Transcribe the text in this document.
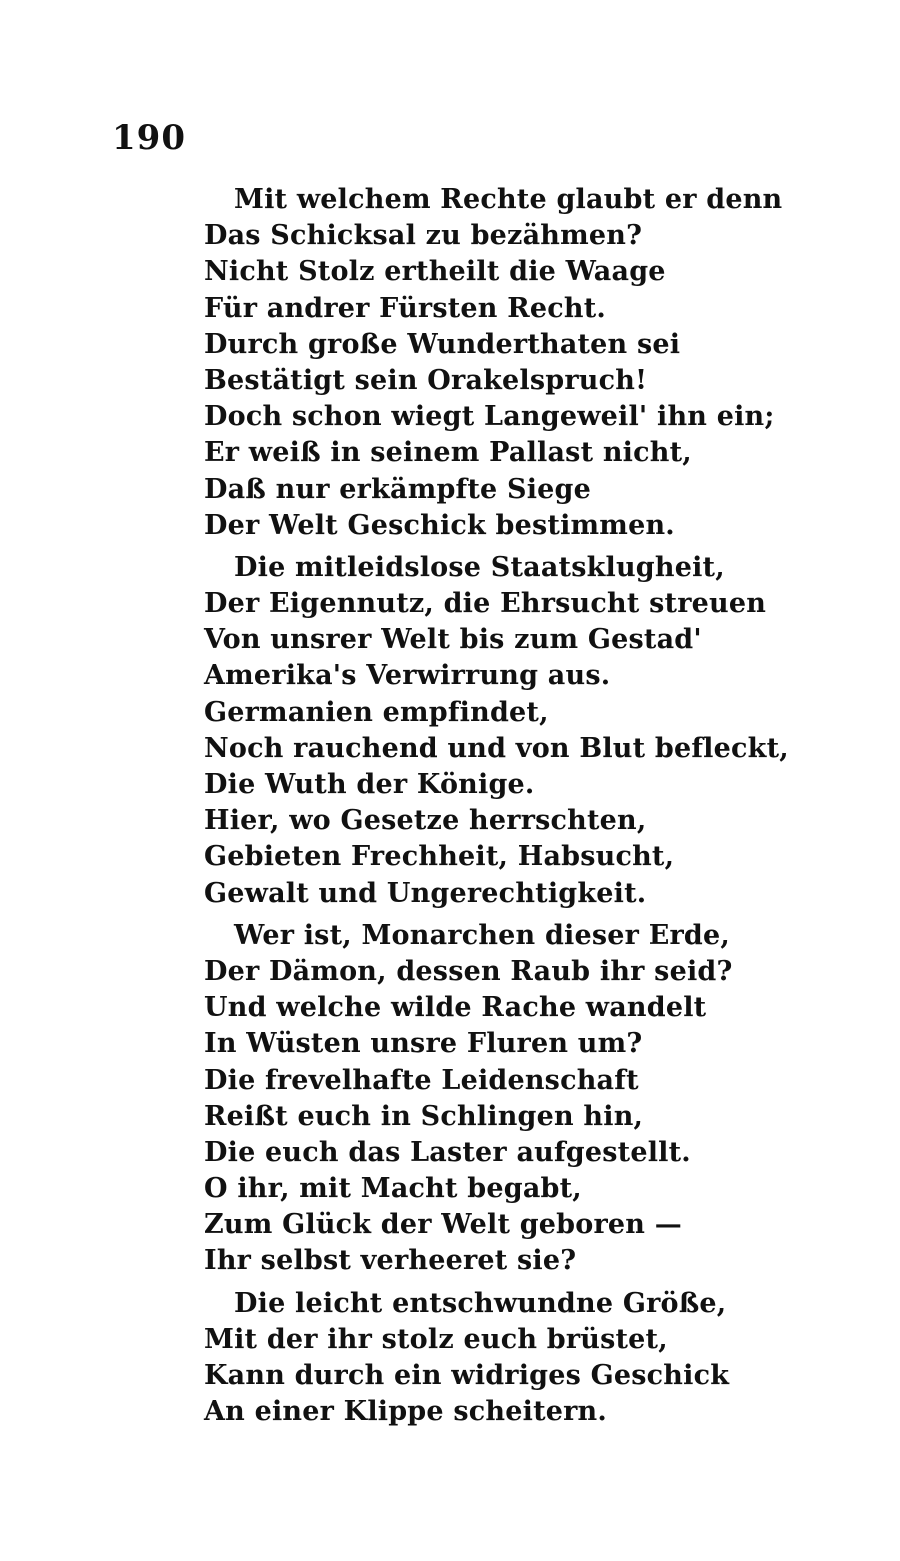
190
Mit welchem Rechte glaubt er denn
Das Schicksal zu bezähmen?
Nicht Stolz ertheilt die Waage
Für andrer Fürsten Recht.
Durch große Wunderthaten sei
Bestätigt sein Orakelspruch!
Doch schon wiegt Langeweil' ihn ein;
Er weiß in seinem Pallast nicht,
Daß nur erkämpfte Siege
Der Welt Geschick bestimmen.
Die mitleidslose Staatsklugheit,
Der Eigennutz, die Ehrsucht streuen
Von unsrer Welt bis zum Gestad'
Amerika's Verwirrung aus.
Germanien empfindet,
Noch rauchend und von Blut befleckt,
Die Wuth der Könige.
Hier, wo Gesetze herrschten,
Gebieten Frechheit, Habsucht,
Gewalt und Ungerechtigkeit.
Wer ist, Monarchen dieser Erde,
Der Dämon, dessen Raub ihr seid?
Und welche wilde Rache wandelt
In Wüsten unsre Fluren um?
Die frevelhafte Leidenschaft
Reißt euch in Schlingen hin,
Die euch das Laster aufgestellt.
O ihr, mit Macht begabt,
Zum Glück der Welt geboren —
Ihr selbst verheeret sie?
Die leicht entschwundne Größe,
Mit der ihr stolz euch brüstet,
Kann durch ein widriges Geschick
An einer Klippe scheitern.
